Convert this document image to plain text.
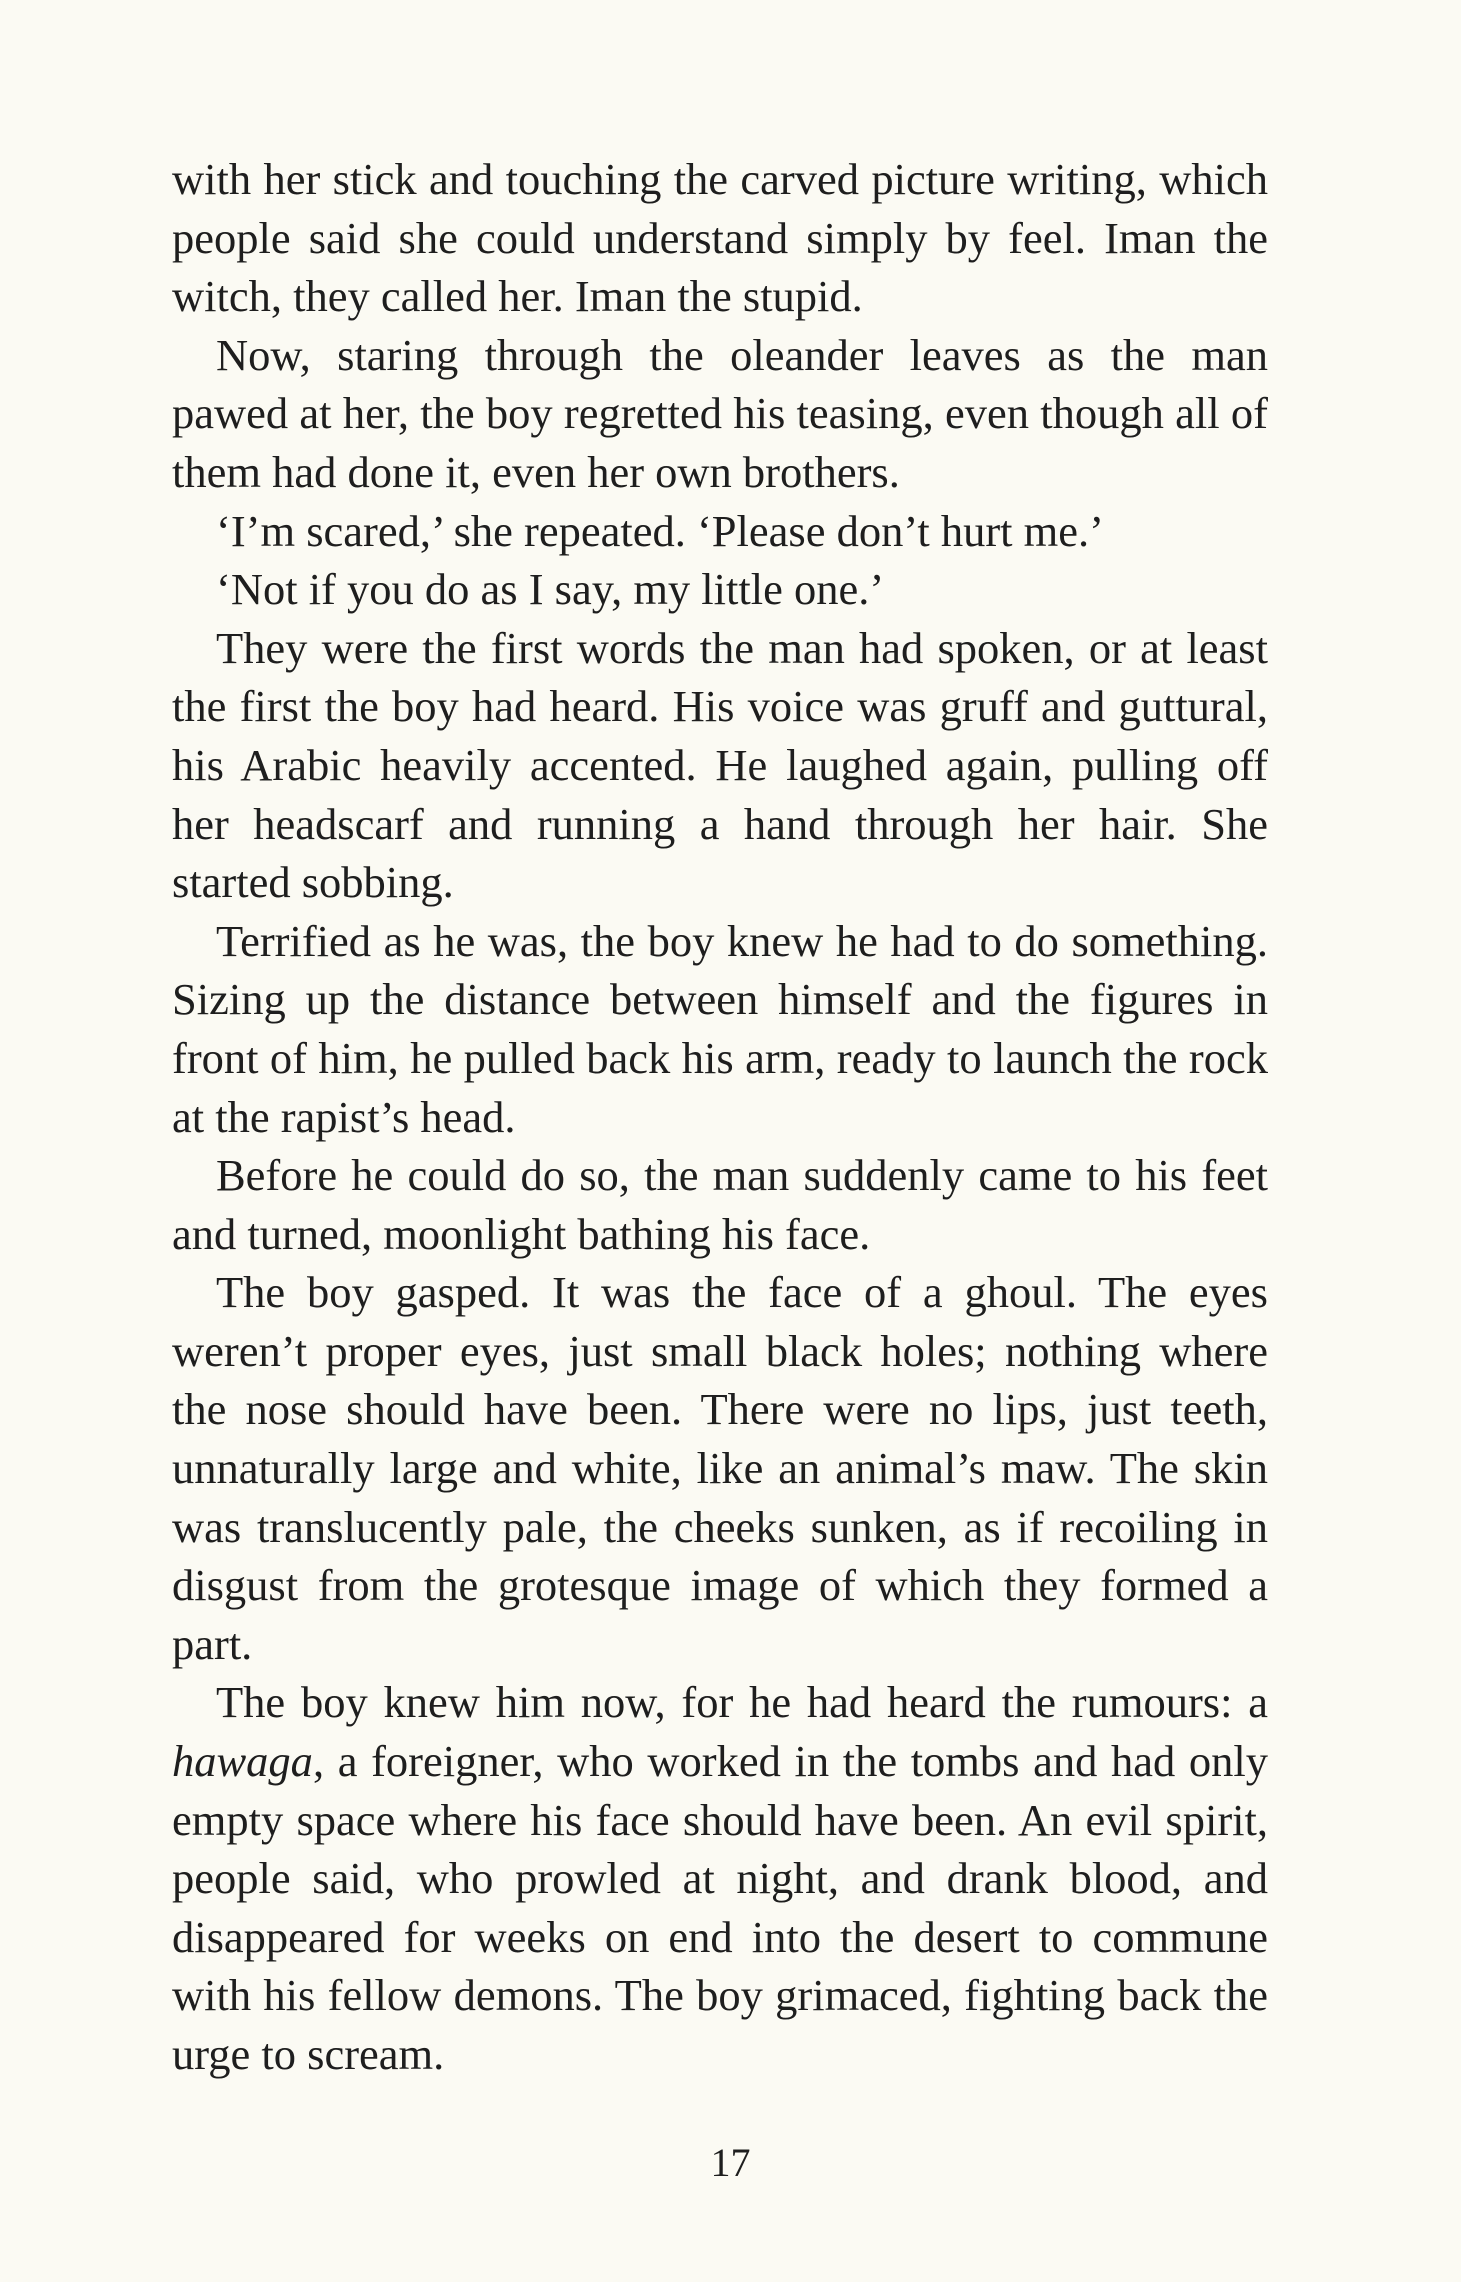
with her stick and touching the carved picture writing, which people said she could understand simply by feel. Iman the witch, they called her. Iman the stupid.

Now, staring through the oleander leaves as the man pawed at her, the boy regretted his teasing, even though all of them had done it, even her own brothers.

‘I’m scared,’ she repeated. ‘Please don’t hurt me.’

‘Not if you do as I say, my little one.’

They were the first words the man had spoken, or at least the first the boy had heard. His voice was gruff and guttural, his Arabic heavily accented. He laughed again, pulling off her headscarf and running a hand through her hair. She started sobbing.

Terrified as he was, the boy knew he had to do something. Sizing up the distance between himself and the figures in front of him, he pulled back his arm, ready to launch the rock at the rapist’s head.

Before he could do so, the man suddenly came to his feet and turned, moonlight bathing his face.

The boy gasped. It was the face of a ghoul. The eyes weren’t proper eyes, just small black holes; nothing where the nose should have been. There were no lips, just teeth, unnaturally large and white, like an animal’s maw. The skin was translucently pale, the cheeks sunken, as if recoiling in disgust from the grotesque image of which they formed a part.

The boy knew him now, for he had heard the rumours: a hawaga, a foreigner, who worked in the tombs and had only empty space where his face should have been. An evil spirit, people said, who prowled at night, and drank blood, and disappeared for weeks on end into the desert to commune with his fellow demons. The boy grimaced, fighting back the urge to scream.

17
